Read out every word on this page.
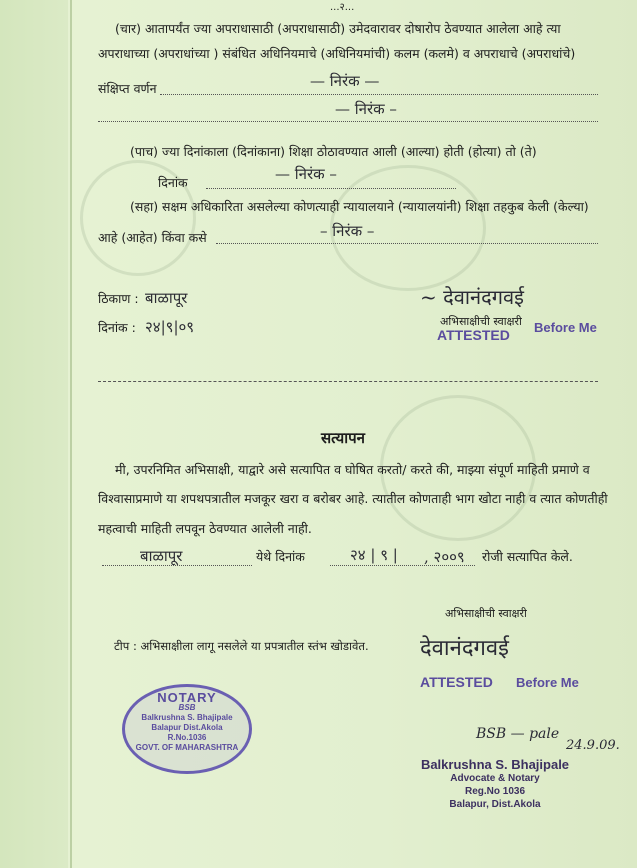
...२...
(चार) आतापर्यंत ज्या अपराधासाठी (अपराधासाठी) उमेदवारावर दोषारोप ठेवण्यात आलेला आहे त्या
अपराधाच्या (अपराधांच्या ) संबंधित अधिनियमाचे (अधिनियमांची) कलम (कलमे) व अपराधाचे (अपराधांचे)
संक्षिप्त वर्णन	— निरंक —
— निरंक –
(पाच) ज्या दिनांकाला (दिनांकाना) शिक्षा ठोठावण्यात आली (आल्या) होती (होत्या) तो (ते)
दिनांक	— निरंक –
(सहा) सक्षम अधिकारिता असलेल्या कोणत्याही न्यायालयाने (न्यायालयांनी) शिक्षा तहकुब केली (केल्या)
आहे (आहेत) किंवा कसे	– निरंक –
ठिकाण : बाळापूर
दिनांक : २४|९|०९
~ देवानंदगवई
अभिसाक्षीची स्वाक्षरी
ATTESTED Before Me
सत्यापन
मी, उपरनिमित अभिसाक्षी, याद्वारे असे सत्यापित व घोषित करतो/ करते की, माझ्या संपूर्ण माहिती प्रमाणे व
विश्वासाप्रमाणे या शपथपत्रातील मजकूर खरा व बरोबर आहे. त्यातील कोणताही भाग खोटा नाही व त्यात कोणतीही
महत्वाची माहिती लपवून ठेवण्यात आलेली नाही.
बाळापूर	येथे दिनांक	२४ | ९ | , २००९ रोजी सत्यापित केले.
अभिसाक्षीची स्वाक्षरी
टीप : अभिसाक्षीला लागू नसलेले या प्रपत्रातील स्तंभ खोडावेत. देवानंदगवई
ATTESTED Before Me
NOTARY
BSB
Balkrushna S. Bhajipale
Balapur Dist.Akola
R.No.1036
GOVT. OF MAHARASHTRA
BSB — pale
24.9.09.
Balkrushna S. Bhajipale
Advocate & Notary
Reg.No 1036
Balapur, Dist.Akola
